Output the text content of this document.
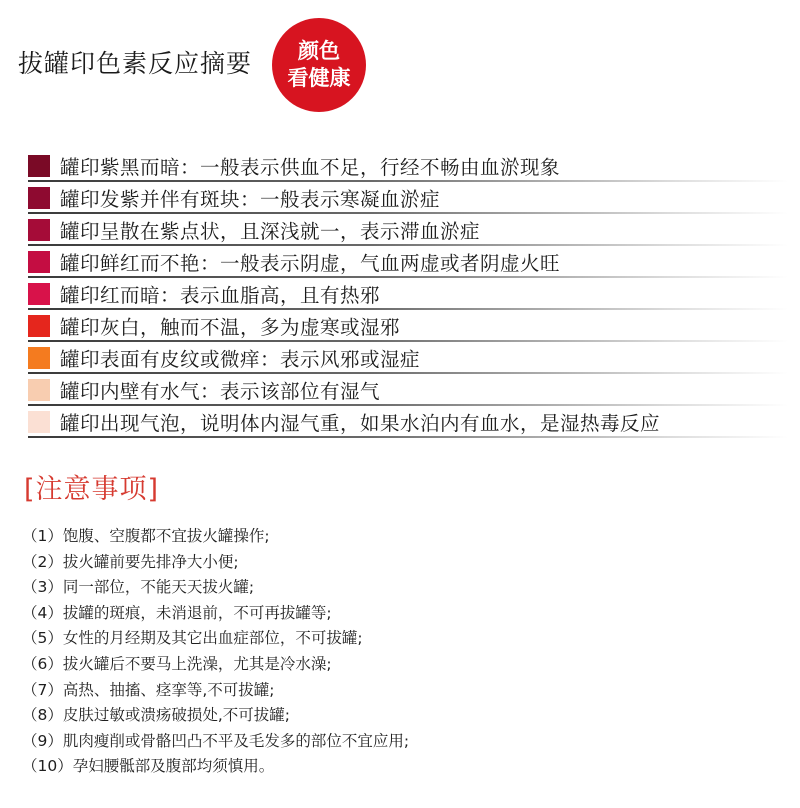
拔罐印色素反应摘要 颜色
看健康
罐印紫黑而暗：一般表示供血不足，行经不畅由血淤现象
罐印发紫并伴有斑块：一般表示寒凝血淤症
罐印呈散在紫点状，且深浅就一，表示滞血淤症
罐印鲜红而不艳：一般表示阴虚，气血两虚或者阴虚火旺
罐印红而暗：表示血脂高，且有热邪
罐印灰白，触而不温，多为虚寒或湿邪
罐印表面有皮纹或微痒：表示风邪或湿症
罐印内壁有水气：表示该部位有湿气
罐印出现气泡，说明体内湿气重，如果水泊内有血水，是湿热毒反应
[注意事项]
（1）饱腹、空腹都不宜拔火罐操作;
（2）拔火罐前要先排净大小便;
（3）同一部位，不能天天拔火罐;
（4）拔罐的斑痕，未消退前，不可再拔罐等;
（5）女性的月经期及其它出血症部位，不可拔罐;
（6）拔火罐后不要马上洗澡，尤其是冷水澡;
（7）高热、抽搐、痉挛等,不可拔罐;
（8）皮肤过敏或溃疡破损处,不可拔罐;
（9）肌肉瘦削或骨骼凹凸不平及毛发多的部位不宜应用;
（10）孕妇腰骶部及腹部均须慎用。
